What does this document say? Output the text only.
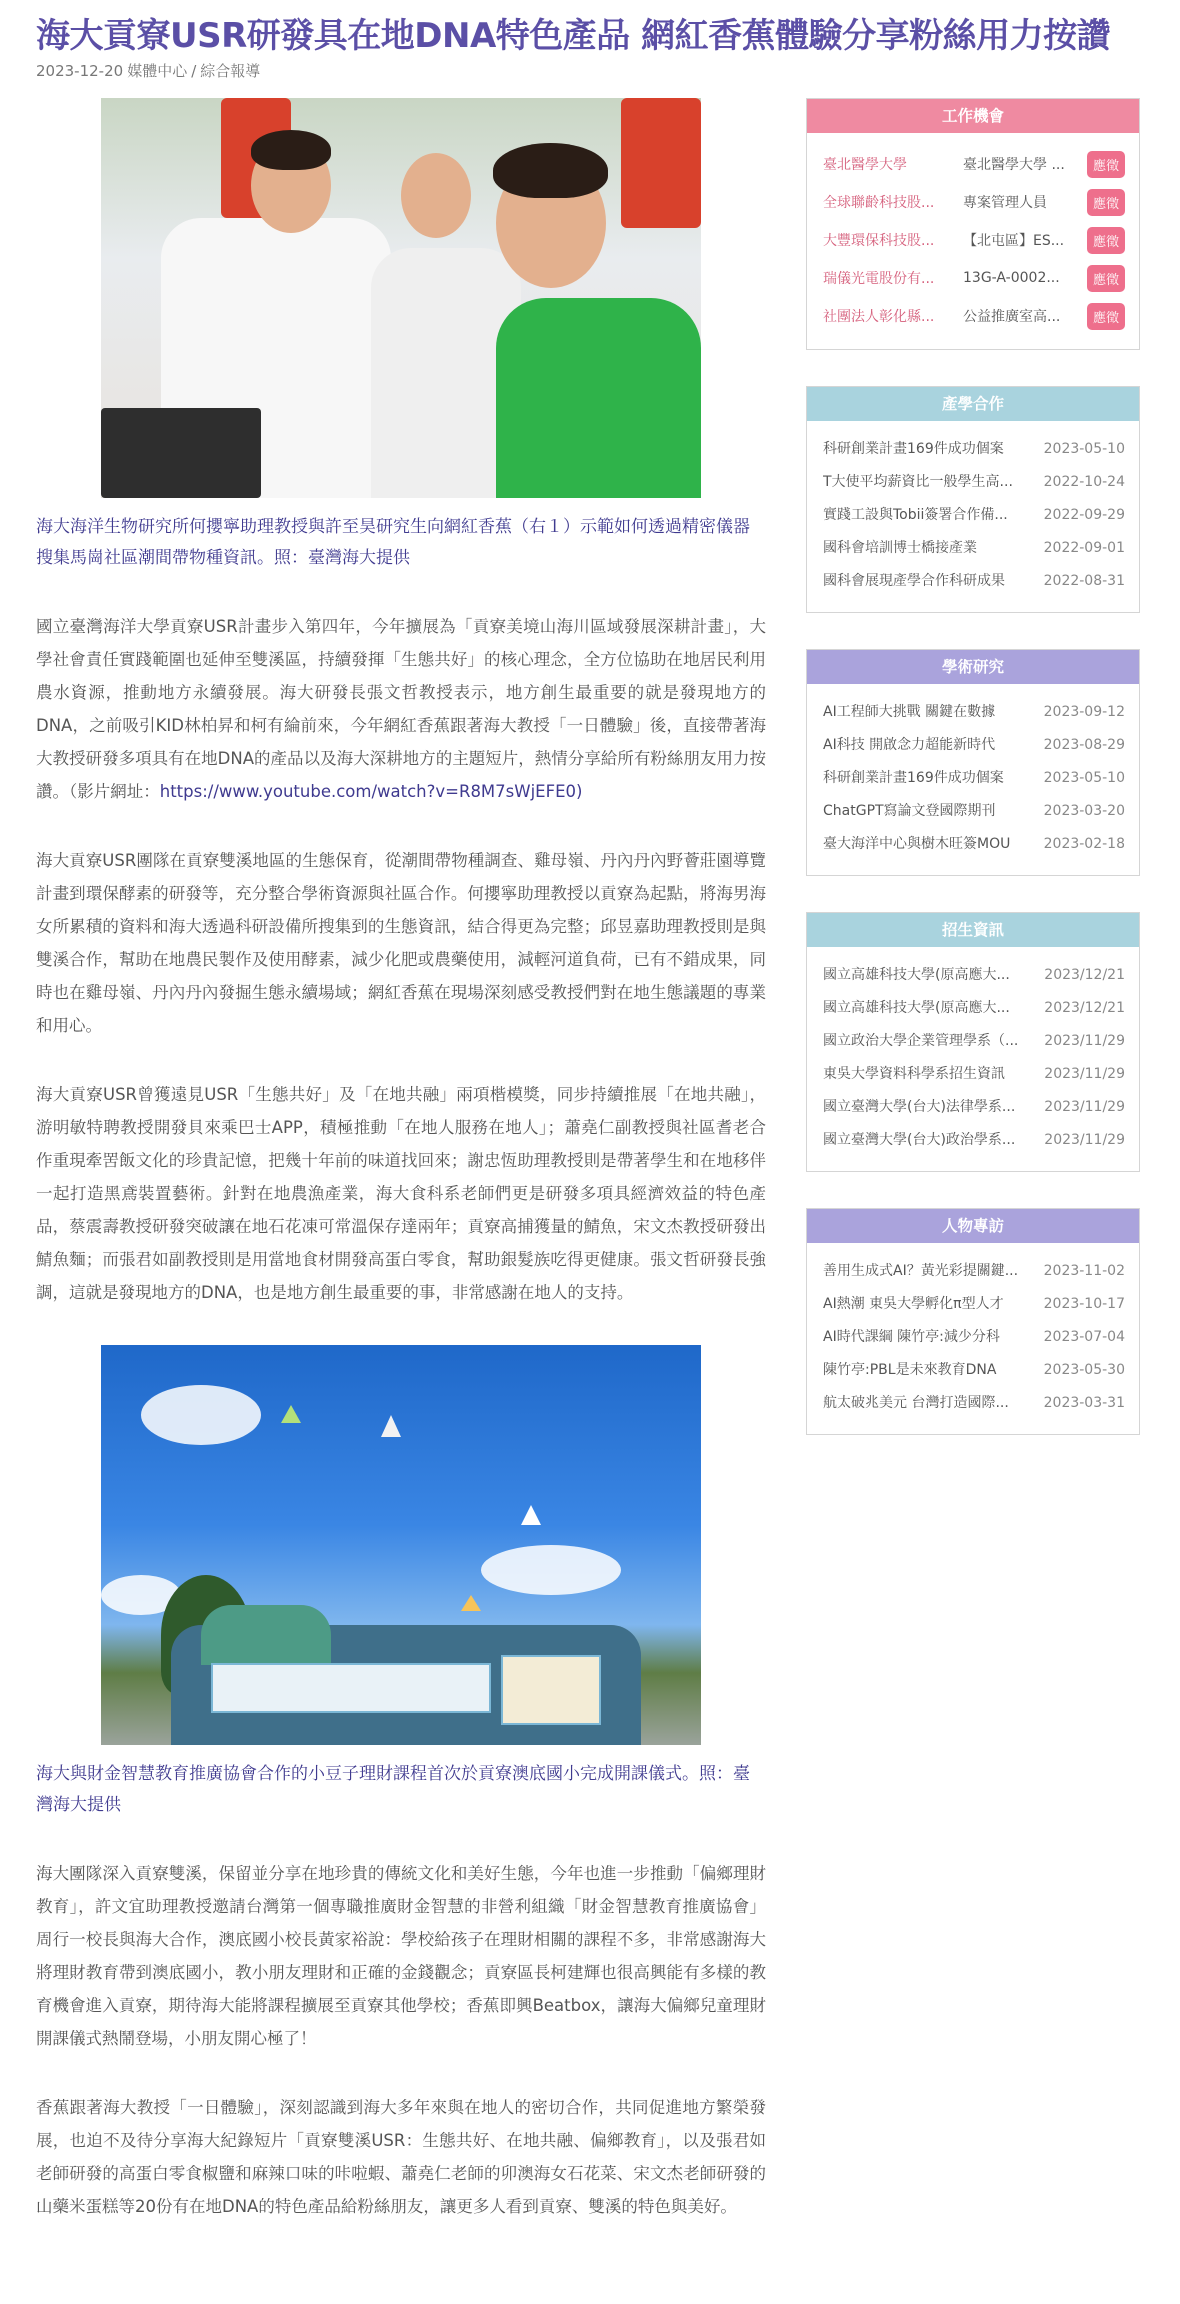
海大貢寮USR研發具在地DNA特色產品 網紅香蕉體驗分享粉絲用力按讚
2023-12-20 媒體中心 / 綜合報導

海大海洋生物研究所何攖寧助理教授與許至昊研究生向網紅香蕉（右１）示範如何透過精密儀器搜集馬崗社區潮間帶物種資訊。照：臺灣海大提供

國立臺灣海洋大學貢寮USR計畫步入第四年，今年擴展為「貢寮美境山海川區域發展深耕計畫」，大學社會責任實踐範圍也延伸至雙溪區，持續發揮「生態共好」的核心理念，全方位協助在地居民利用農水資源，推動地方永續發展。海大研發長張文哲教授表示，地方創生最重要的就是發現地方的DNA，之前吸引KID林柏昇和柯有綸前來，今年網紅香蕉跟著海大教授「一日體驗」後，直接帶著海大教授研發多項具有在地DNA的產品以及海大深耕地方的主題短片，熱情分享給所有粉絲朋友用力按讚。（影片網址：https://www.youtube.com/watch?v=R8M7sWjEFE0)

海大貢寮USR團隊在貢寮雙溪地區的生態保育，從潮間帶物種調查、雞母嶺、丹內丹內野薈莊園導覽計畫到環保酵素的研發等，充分整合學術資源與社區合作。何攖寧助理教授以貢寮為起點，將海男海女所累積的資料和海大透過科研設備所搜集到的生態資訊，結合得更為完整；邱昱嘉助理教授則是與雙溪合作，幫助在地農民製作及使用酵素，減少化肥或農藥使用，減輕河道負荷，已有不錯成果，同時也在雞母嶺、丹內丹內發掘生態永續場域；網紅香蕉在現場深刻感受教授們對在地生態議題的專業和用心。

海大貢寮USR曾獲遠見USR「生態共好」及「在地共融」兩項楷模獎，同步持續推展「在地共融」，游明敏特聘教授開發貝來乘巴士APP，積極推動「在地人服務在地人」；蕭堯仁副教授與社區耆老合作重現牽罟飯文化的珍貴記憶，把幾十年前的味道找回來；謝忠恆助理教授則是帶著學生和在地移伴一起打造黑鳶裝置藝術。針對在地農漁產業，海大食科系老師們更是研發多項具經濟效益的特色產品，蔡震壽教授研發突破讓在地石花凍可常溫保存達兩年；貢寮高捕獲量的鯖魚，宋文杰教授研發出鯖魚麵；而張君如副教授則是用當地食材開發高蛋白零食，幫助銀髮族吃得更健康。張文哲研發長強調，這就是發現地方的DNA，也是地方創生最重要的事，非常感謝在地人的支持。

海大與財金智慧教育推廣協會合作的小豆子理財課程首次於貢寮澳底國小完成開課儀式。照：臺灣海大提供

海大團隊深入貢寮雙溪，保留並分享在地珍貴的傳統文化和美好生態，今年也進一步推動「偏鄉理財教育」，許文宜助理教授邀請台灣第一個專職推廣財金智慧的非營利組織「財金智慧教育推廣協會」周行一校長與海大合作，澳底國小校長黃家裕說：學校給孩子在理財相關的課程不多，非常感謝海大將理財教育帶到澳底國小，教小朋友理財和正確的金錢觀念；貢寮區長柯建輝也很高興能有多樣的教育機會進入貢寮，期待海大能將課程擴展至貢寮其他學校；香蕉即興Beatbox，讓海大偏鄉兒童理財開課儀式熱鬧登場，小朋友開心極了！

香蕉跟著海大教授「一日體驗」，深刻認識到海大多年來與在地人的密切合作，共同促進地方繁榮發展，也迫不及待分享海大紀錄短片「貢寮雙溪USR：生態共好、在地共融、偏鄉教育」，以及張君如老師研發的高蛋白零食椒鹽和麻辣口味的咔啦蝦、蕭堯仁老師的卯澳海女石花菜、宋文杰老師研發的山藥米蛋糕等20份有在地DNA的特色產品給粉絲朋友，讓更多人看到貢寮、雙溪的特色與美好。

工作機會
臺北醫學大學	臺北醫學大學 ...	應徵
全球聯齡科技股...	專案管理人員	應徵
大豐環保科技股...	【北屯區】ES...	應徵
瑞儀光電股份有...	13G-A-0002...	應徵
社團法人彰化縣...	公益推廣室高...	應徵
產學合作
科研創業計畫169件成功個案	2023-05-10
T大使平均薪資比一般學生高...	2022-10-24
實踐工設與Tobii簽署合作備...	2022-09-29
國科會培訓博士橋接產業	2022-09-01
國科會展現產學合作科研成果	2022-08-31
學術研究
AI工程師大挑戰 關鍵在數據	2023-09-12
AI科技 開啟念力超能新時代	2023-08-29
科研創業計畫169件成功個案	2023-05-10
ChatGPT寫論文登國際期刊	2023-03-20
臺大海洋中心與樹木旺簽MOU	2023-02-18
招生資訊
國立高雄科技大學(原高應大...	2023/12/21
國立高雄科技大學(原高應大...	2023/12/21
國立政治大學企業管理學系（...	2023/11/29
東吳大學資料科學系招生資訊	2023/11/29
國立臺灣大學(台大)法律學系...	2023/11/29
國立臺灣大學(台大)政治學系...	2023/11/29
人物專訪
善用生成式AI？黃光彩提關鍵...	2023-11-02
AI熱潮 東吳大學孵化π型人才	2023-10-17
AI時代課綱 陳竹亭:減少分科	2023-07-04
陳竹亭:PBL是未來教育DNA	2023-05-30
航太破兆美元 台灣打造國際...	2023-03-31
